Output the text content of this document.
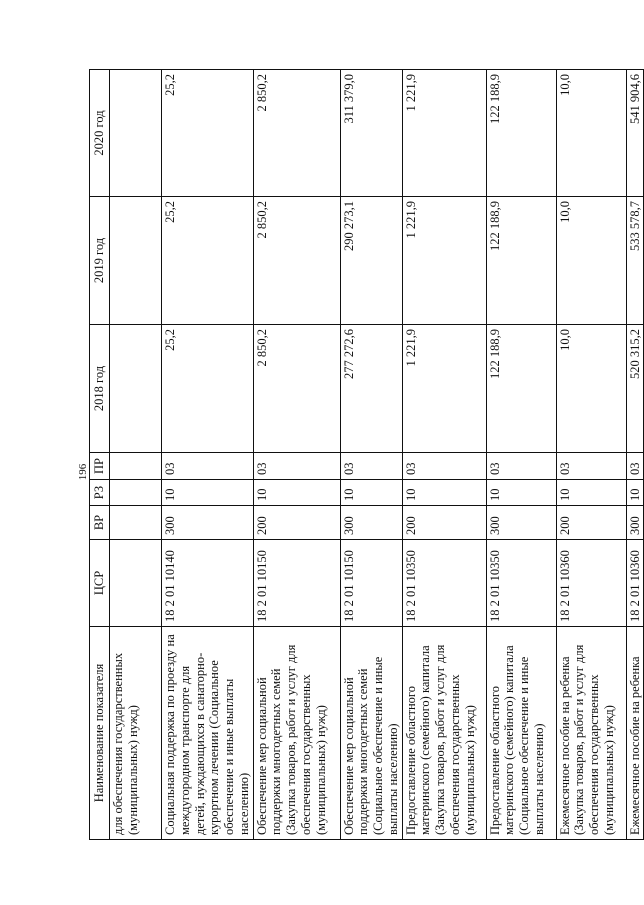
196
Наименование показателя	ЦСР	ВР	РЗ	ПР	2018 год	2019 год	2020 год
для обеспечения государственных (муниципальных) нужд)							
Социальная поддержка по проезду на междугородном транспорте для детей, нуждающихся в санаторно-курортном лечении (Социальное обеспечение и иные выплаты населению)	18 2 01 10140	300	10	03	25,2	25,2	25,2
Обеспечение мер социальной поддержки многодетных семей (Закупка товаров, работ и услуг для обеспечения государственных (муниципальных) нужд)	18 2 01 10150	200	10	03	2 850,2	2 850,2	2 850,2
Обеспечение мер социальной поддержки многодетных семей (Социальное обеспечение и иные выплаты населению)	18 2 01 10150	300	10	03	277 272,6	290 273,1	311 379,0
Предоставление областного материнского (семейного) капитала (Закупка товаров, работ и услуг для обеспечения государственных (муниципальных) нужд)	18 2 01 10350	200	10	03	1 221,9	1 221,9	1 221,9
Предоставление областного материнского (семейного) капитала (Социальное обеспечение и иные выплаты населению)	18 2 01 10350	300	10	03	122 188,9	122 188,9	122 188,9
Ежемесячное пособие на ребенка (Закупка товаров, работ и услуг для обеспечения государственных (муниципальных) нужд)	18 2 01 10360	200	10	03	10,0	10,0	10,0
Ежемесячное пособие на ребенка	18 2 01 10360	300	10	03	520 315,2	533 578,7	541 904,6
